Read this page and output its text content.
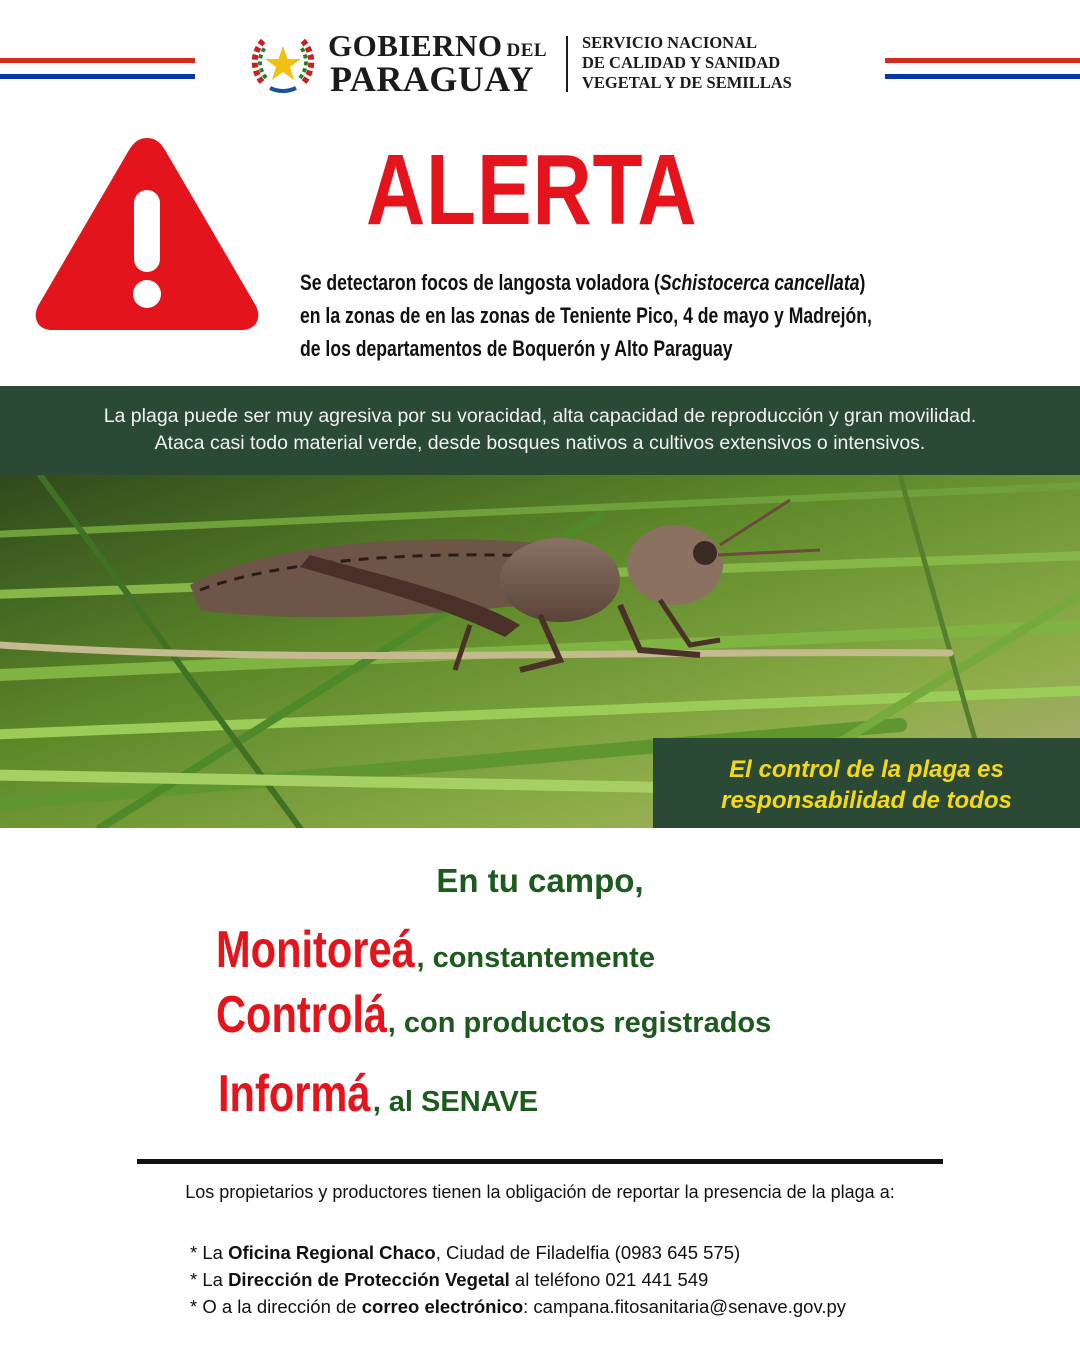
GOBIERNO DEL
PARAGUAY
SERVICIO NACIONAL
DE CALIDAD Y SANIDAD
VEGETAL Y DE SEMILLAS
ALERTA
Se detectaron focos de langosta voladora (Schistocerca cancellata)
en la zonas de en las zonas de Teniente Pico, 4 de mayo y Madrejón,
de los departamentos de Boquerón y Alto Paraguay
La plaga puede ser muy agresiva por su voracidad, alta capacidad de reproducción y gran movilidad.
Ataca casi todo material verde, desde bosques nativos a cultivos extensivos o intensivos.
El control de la plaga es
responsabilidad de todos
En tu campo,
Monitoreá, constantemente
Controlá, con productos registrados
Informá, al SENAVE
Los propietarios y productores tienen la obligación de reportar la presencia de la plaga a:
* La Oficina Regional Chaco, Ciudad de Filadelfia (0983 645 575)
* La Dirección de Protección Vegetal al teléfono 021 441 549
* O a la dirección de correo electrónico: campana.fitosanitaria@senave.gov.py
